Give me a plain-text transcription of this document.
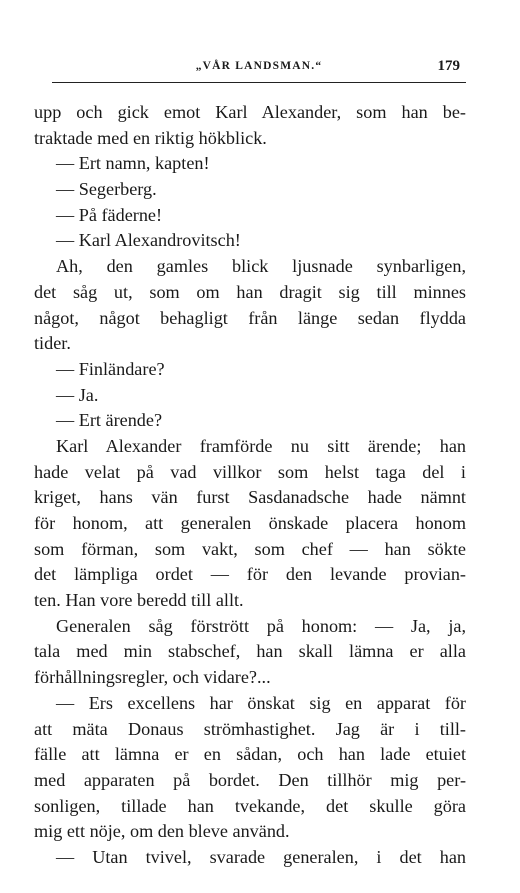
„VÅR LANDSMAN.“	179
upp och gick emot Karl Alexander, som han be-
traktade med en riktig hökblick.
— Ert namn, kapten!
— Segerberg.
— På fäderne!
— Karl Alexandrovitsch!
Ah, den gamles blick ljusnade synbarligen,
det såg ut, som om han dragit sig till minnes
något, något behagligt från länge sedan flydda
tider.
— Finländare?
— Ja.
— Ert ärende?
Karl Alexander framförde nu sitt ärende; han
hade velat på vad villkor som helst taga del i
kriget, hans vän furst Sasdanadsche hade nämnt
för honom, att generalen önskade placera honom
som förman, som vakt, som chef — han sökte
det lämpliga ordet — för den levande provian-
ten. Han vore beredd till allt.
Generalen såg förstrött på honom: — Ja, ja,
tala med min stabschef, han skall lämna er alla
förhållningsregler, och vidare?...
— Ers excellens har önskat sig en apparat för
att mäta Donaus strömhastighet. Jag är i till-
fälle att lämna er en sådan, och han lade etuiet
med apparaten på bordet. Den tillhör mig per-
sonligen, tillade han tvekande, det skulle göra
mig ett nöje, om den bleve använd.
— Utan tvivel, svarade generalen, i det han
